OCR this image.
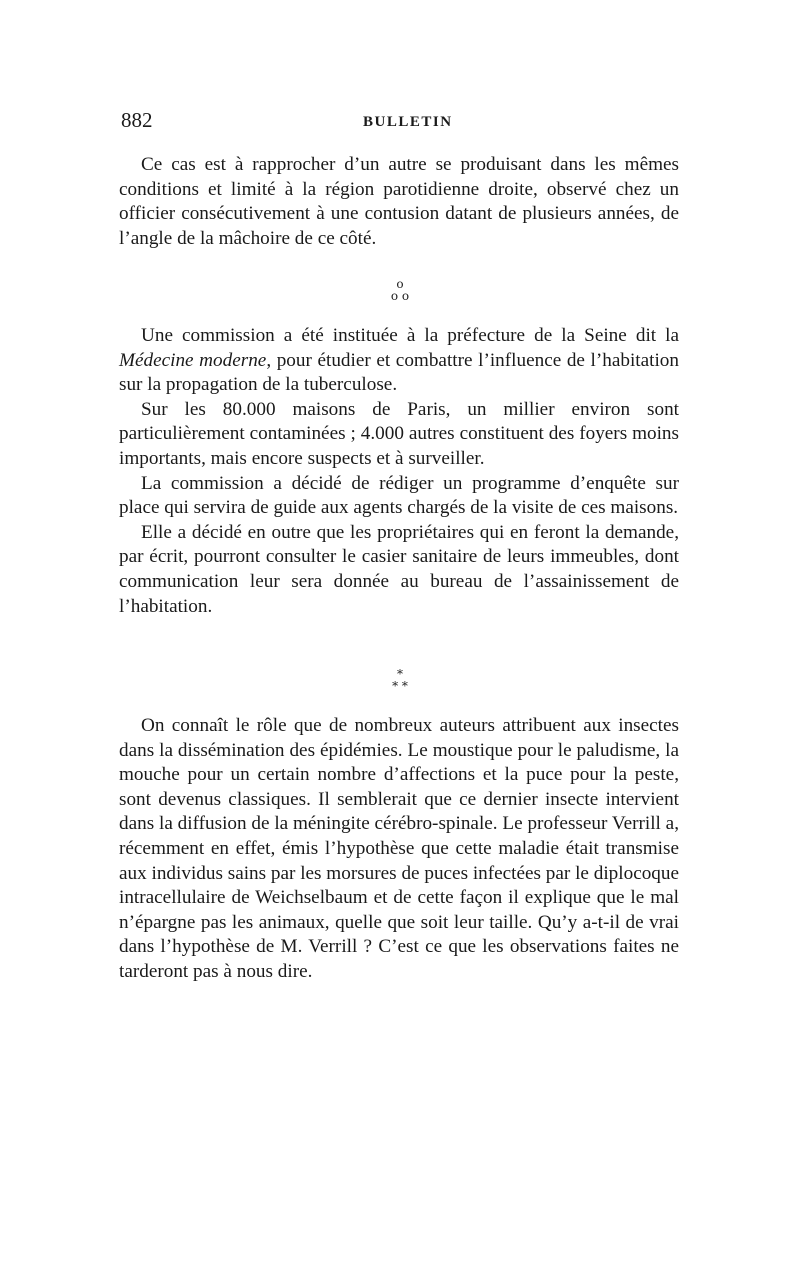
882	BULLETIN

Ce cas est à rapprocher d’un autre se produisant dans les mêmes conditions et limité à la région parotidienne droite, observé chez un officier consécutivement à une contusion datant de plusieurs années, de l’angle de la mâchoire de ce côté.

o
o o

Une commission a été instituée à la préfecture de la Seine dit la Médecine moderne, pour étudier et combattre l’influence de l’habitation sur la propagation de la tuberculose.

Sur les 80.000 maisons de Paris, un millier environ sont particulièrement contaminées ; 4.000 autres constituent des foyers moins importants, mais encore suspects et à surveiller.

La commission a décidé de rédiger un programme d’enquête sur place qui servira de guide aux agents chargés de la visite de ces maisons.

Elle a décidé en outre que les propriétaires qui en feront la demande, par écrit, pourront consulter le casier sanitaire de leurs immeubles, dont communication leur sera donnée au bureau de l’assainissement de l’habitation.

*
* *

On connaît le rôle que de nombreux auteurs attribuent aux insectes dans la dissémination des épidémies. Le moustique pour le paludisme, la mouche pour un certain nombre d’affections et la puce pour la peste, sont devenus classiques. Il semblerait que ce dernier insecte intervient dans la diffusion de la méningite cérébro-spinale. Le professeur Verrill a, récemment en effet, émis l’hypothèse que cette maladie était transmise aux individus sains par les morsures de puces infectées par le diplocoque intracellulaire de Weichselbaum et de cette façon il explique que le mal n’épargne pas les animaux, quelle que soit leur taille. Qu’y a-t-il de vrai dans l’hypothèse de M. Verrill ? C’est ce que les observations faites ne tarderont pas à nous dire.
